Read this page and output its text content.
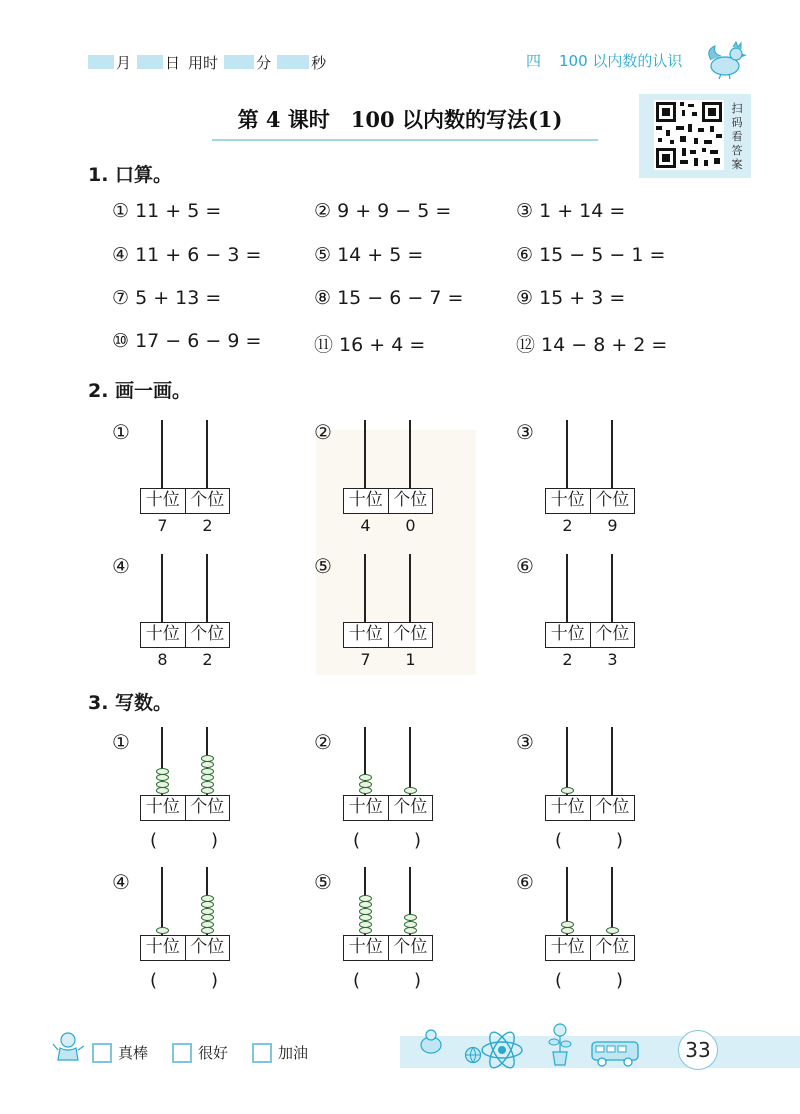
月	日 用时	分	秒	四 100 以内数的认识
第 4 课时　100 以内数的写法(1)	扫码看答案
1. 口算。
① 11 + 5 =	② 9 + 9 − 5 =	③ 1 + 14 =
④ 11 + 6 − 3 =	⑤ 14 + 5 =	⑥ 15 − 5 − 1 =
⑦ 5 + 13 =	⑧ 15 − 6 − 7 =	⑨ 15 + 3 =
⑩ 17 − 6 − 9 =	⑪ 16 + 4 =	⑫ 14 − 8 + 2 =
2. 画一画。
①
十位 个位
7	2
②
十位 个位
4	0
③
十位 个位
2	9
④
十位 个位
8	2
⑤
十位 个位
7	1
⑥
十位 个位
2	3
3. 写数。
①
十位 个位
(　　　)
②
十位 个位
(　　　)
③
十位 个位
(　　　)
④
十位 个位
(　　　)
⑤
十位 个位
(　　　)
⑥
十位 个位
(　　　)
真棒	很好	加油	33
